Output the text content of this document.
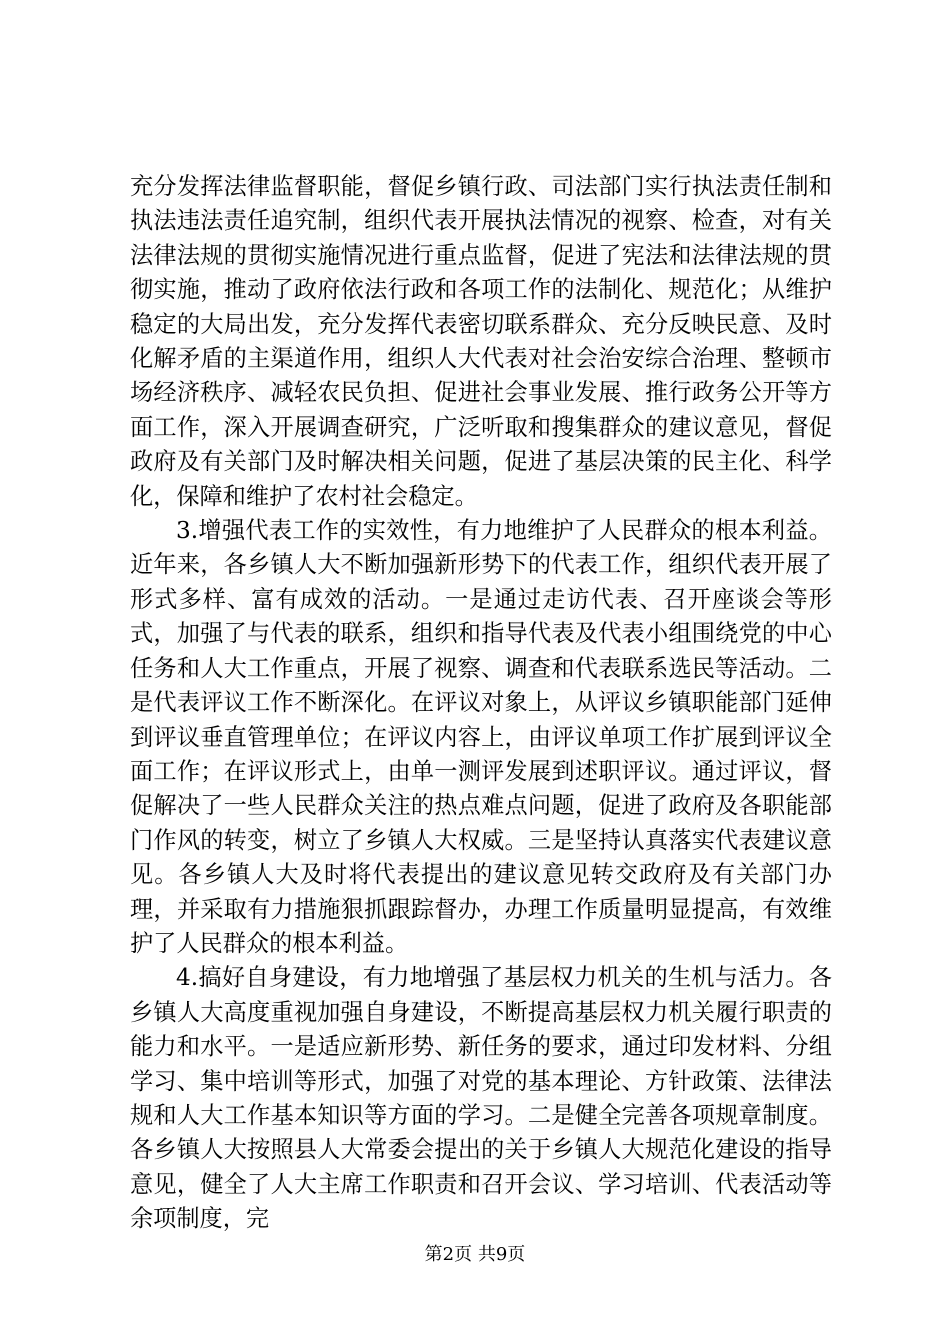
充分发挥法律监督职能，督促乡镇行政、司法部门实行执法责任制和执法违法责任追究制，组织代表开展执法情况的视察、检查，对有关法律法规的贯彻实施情况进行重点监督，促进了宪法和法律法规的贯彻实施，推动了政府依法行政和各项工作的法制化、规范化；从维护稳定的大局出发，充分发挥代表密切联系群众、充分反映民意、及时化解矛盾的主渠道作用，组织人大代表对社会治安综合治理、整顿市场经济秩序、减轻农民负担、促进社会事业发展、推行政务公开等方面工作，深入开展调查研究，广泛听取和搜集群众的建议意见，督促政府及有关部门及时解决相关问题，促进了基层决策的民主化、科学化，保障和维护了农村社会稳定。

3.增强代表工作的实效性，有力地维护了人民群众的根本利益。近年来，各乡镇人大不断加强新形势下的代表工作，组织代表开展了形式多样、富有成效的活动。一是通过走访代表、召开座谈会等形式，加强了与代表的联系，组织和指导代表及代表小组围绕党的中心任务和人大工作重点，开展了视察、调查和代表联系选民等活动。二是代表评议工作不断深化。在评议对象上，从评议乡镇职能部门延伸到评议垂直管理单位；在评议内容上，由评议单项工作扩展到评议全面工作；在评议形式上，由单一测评发展到述职评议。通过评议，督促解决了一些人民群众关注的热点难点问题，促进了政府及各职能部门作风的转变，树立了乡镇人大权威。三是坚持认真落实代表建议意见。各乡镇人大及时将代表提出的建议意见转交政府及有关部门办理，并采取有力措施狠抓跟踪督办，办理工作质量明显提高，有效维护了人民群众的根本利益。

4.搞好自身建设，有力地增强了基层权力机关的生机与活力。各乡镇人大高度重视加强自身建设，不断提高基层权力机关履行职责的能力和水平。一是适应新形势、新任务的要求，通过印发材料、分组学习、集中培训等形式，加强了对党的基本理论、方针政策、法律法规和人大工作基本知识等方面的学习。二是健全完善各项规章制度。各乡镇人大按照县人大常委会提出的关于乡镇人大规范化建设的指导意见，健全了人大主席工作职责和召开会议、学习培训、代表活动等余项制度，完

第2页 共9页
